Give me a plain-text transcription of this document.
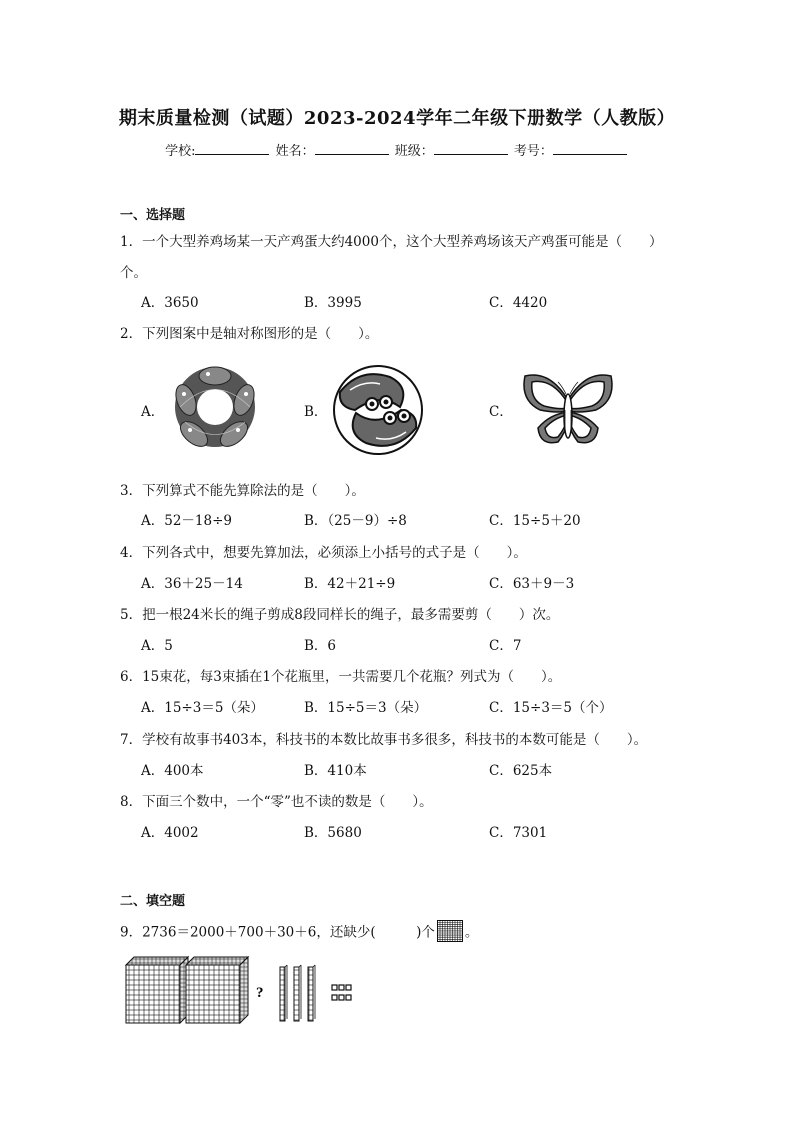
期末质量检测（试题）2023-2024学年二年级下册数学（人教版）
学校:	姓名：	班级：	考号：
一、选择题
1．一个大型养鸡场某一天产鸡蛋大约4000个，这个大型养鸡场该天产鸡蛋可能是（　　）
个。
A．3650	B．3995	C．4420
2．下列图案中是轴对称图形的是（　　）。
A．	B．	C．
3．下列算式不能先算除法的是（　　）。
A．52－18÷9	B．（25－9）÷8	C．15÷5＋20
4．下列各式中，想要先算加法，必须添上小括号的式子是（　　）。
A．36＋25－14	B．42＋21÷9	C．63＋9－3
5．把一根24米长的绳子剪成8段同样长的绳子，最多需要剪（　　）次。
A．5	B．6	C．7
6．15束花，每3束插在1个花瓶里，一共需要几个花瓶？列式为（　　）。
A．15÷3＝5（朵）	B．15÷5＝3（朵）	C．15÷3＝5（个）
7．学校有故事书403本，科技书的本数比故事书多很多，科技书的本数可能是（　　）。
A．400本	B．410本	C．625本
8．下面三个数中，一个“零”也不读的数是（　　）。
A．4002	B．5680	C．7301
二、填空题
9．2736＝2000＋700＋30＋6，还缺少(　　　)个 。
?
